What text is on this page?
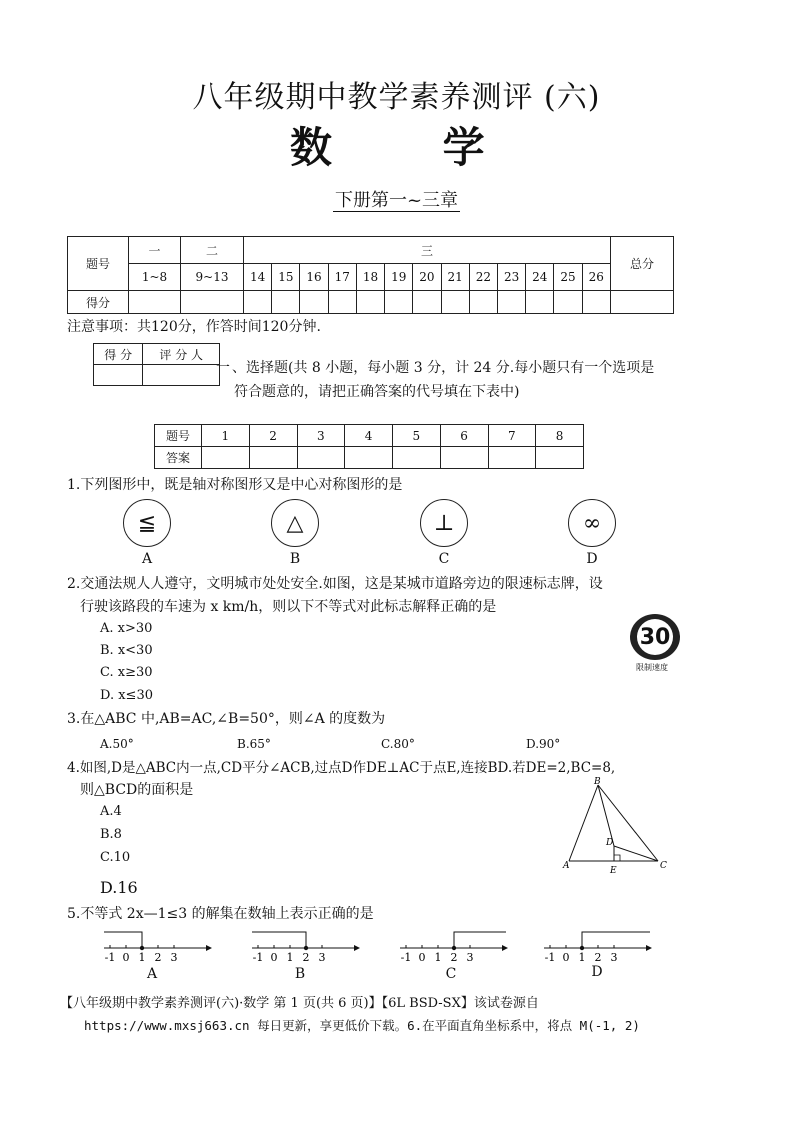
八年级期中教学素养测评 (六)
数 学
下册第一~三章
题号	一	二	三													总分
	1~8	9~13	14	15	16	17	18	19	20	21	22	23	24	25	26	
得分																
注意事项：共120分，作答时间120分钟.
得 分	评 分 人

一 、选择题(共 8 小题，每小题 3 分，计 24 分.每小题只有一个选项是
符合题意的，请把正确答案的代号填在下表中)
题号	1	2	3	4	5	6	7	8
答案								
1.下列图形中，既是轴对称图形又是中心对称图形的是
≦	△	⊥	∞
A	B	C	D
2.交通法规人人遵守，文明城市处处安全.如图，这是某城市道路旁边的限速标志牌，设
行驶该路段的车速为 x km/h，则以下不等式对此标志解释正确的是
A. x>30
B. x<30
C. x≥30
D. x≤30
30
限制速度
3.在△ABC 中,AB=AC,∠B=50°，则∠A 的度数为
A.50°	B.65°	C.80°	D.90°
4.如图,D是△ABC内一点,CD平分∠ACB,过点D作DE⊥AC于点E,连接BD.若DE=2,BC=8,
则△BCD的面积是
A.4
B.8
C.10
D.16
B
A	C
D
E
5.不等式 2x—1≤3 的解集在数轴上表示正确的是
-1 0 1 2 3	-1 0 1 2 3	-1 0 1 2 3	-1 0 1 2 3
A	B	C	D
【八年级期中教学素养测评(六)·数学 第 1 页(共 6 页)】【6L BSD-SX】该试卷源自
https://www.mxsj663.cn 每日更新，享更低价下载。6.在平面直角坐标系中，将点 M(-1, 2)
